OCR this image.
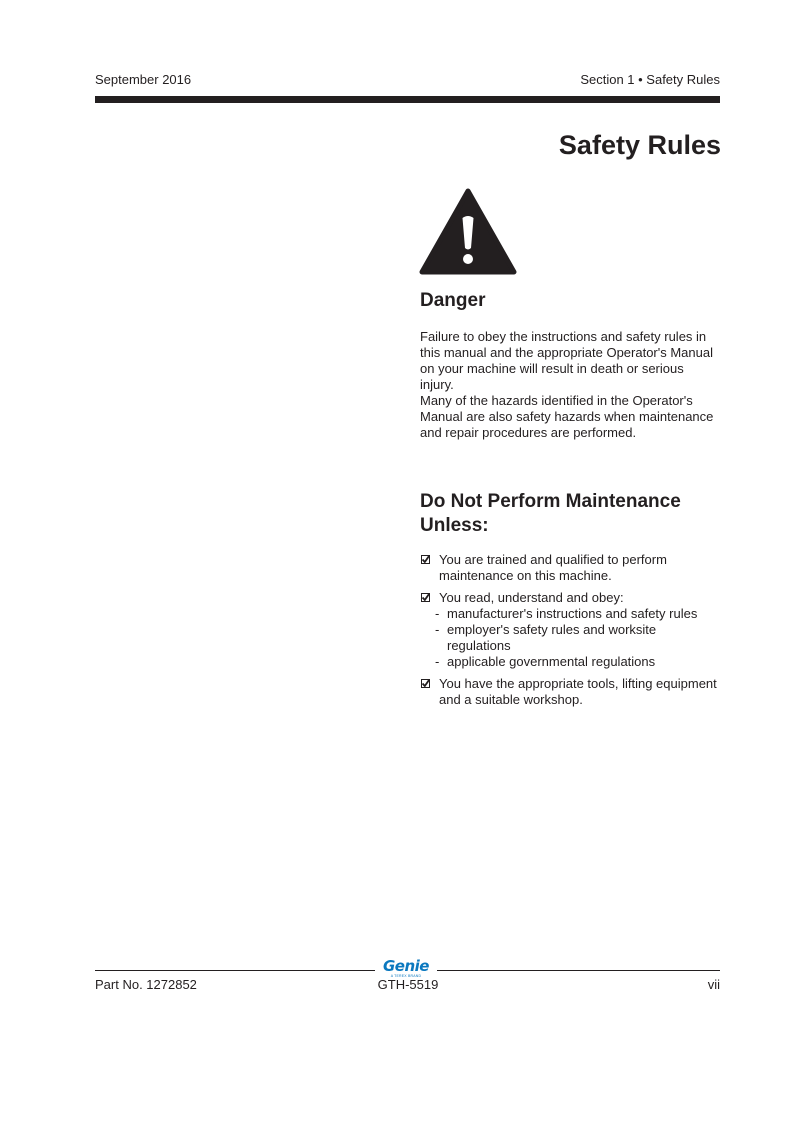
September 2016	Section 1 • Safety Rules
Safety Rules
Danger

Failure to obey the instructions and safety rules in this manual and the appropriate Operator's Manual on your machine will result in death or serious injury.

Many of the hazards identified in the Operator's Manual are also safety hazards when maintenance and repair procedures are performed.

Do Not Perform Maintenance Unless:
You are trained and qualified to perform maintenance on this machine.
You read, understand and obey:
- manufacturer's instructions and safety rules
- employer's safety rules and worksite regulations
- applicable governmental regulations
You have the appropriate tools, lifting equipment and a suitable workshop.
Genie
A TEREX BRAND
Part No. 1272852	GTH-5519	vii
